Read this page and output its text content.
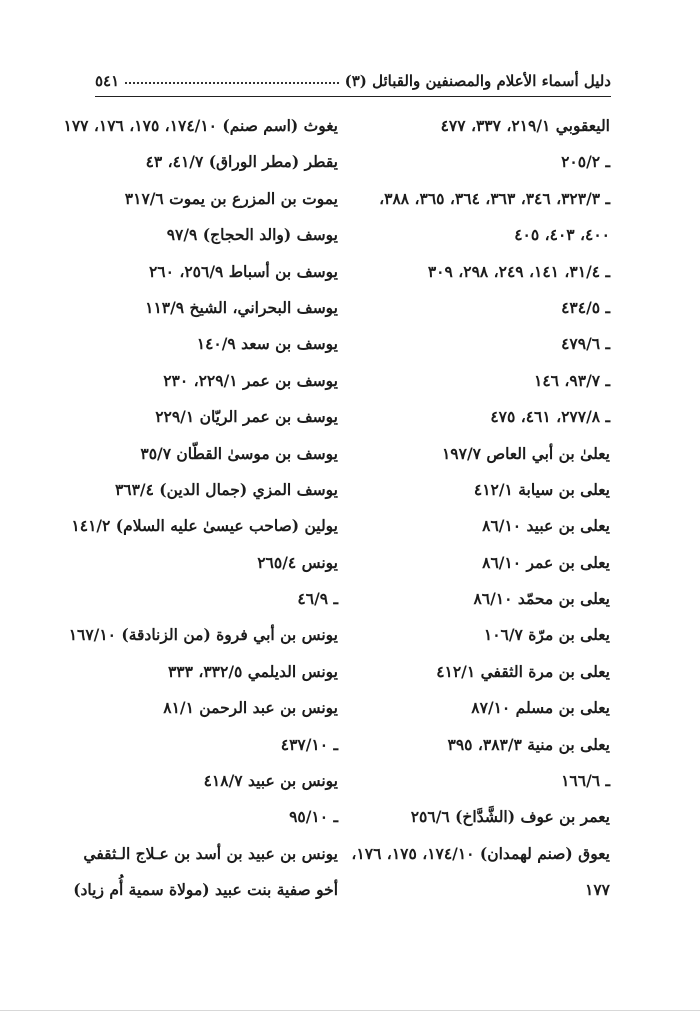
دليل أسماء الأعلام والمصنفين والقبائل (٣)
٥٤١
اليعقوبي ٢١٩/١، ٣٣٧، ٤٧٧
ـ ٢٠٥/٢
ـ ٣٢٣/٣، ٣٤٦، ٣٦٣، ٣٦٤، ٣٦٥، ٣٨٨،
٤٠٠، ٤٠٣، ٤٠٥
ـ ٣١/٤، ١٤١، ٢٤٩، ٢٩٨، ٣٠٩
ـ ٤٣٤/٥
ـ ٤٧٩/٦
ـ ٩٣/٧، ١٤٦
ـ ٢٧٧/٨، ٤٦١، ٤٧٥
يعلىٰ بن أبي العاص ١٩٧/٧
يعلى بن سيابة ٤١٢/١
يعلى بن عبيد ٨٦/١٠
يعلى بن عمر ٨٦/١٠
يعلى بن محمّد ٨٦/١٠
يعلى بن مرّة ١٠٦/٧
يعلى بن مرة الثقفي ٤١٢/١
يعلى بن مسلم ٨٧/١٠
يعلى بن منية ٣٨٣/٣، ٣٩٥
ـ ١٦٦/٦
يعمر بن عوف (الشَّدَّاخ) ٢٥٦/٦
يعوق (صنم لهمدان) ١٧٤/١٠، ١٧٥، ١٧٦،
١٧٧
يغوث (اسم صنم) ١٧٤/١٠، ١٧٥، ١٧٦، ١٧٧
يقطر (مطر الوراق) ٤١/٧، ٤٣
يموت بن المزرع بن يموت ٣١٧/٦
يوسف (والد الحجاج) ٩٧/٩
يوسف بن أسباط ٢٥٦/٩، ٢٦٠
يوسف البحراني، الشيخ ١١٣/٩
يوسف بن سعد ١٤٠/٩
يوسف بن عمر ٢٢٩/١، ٢٣٠
يوسف بن عمر الريّان ٢٢٩/١
يوسف بن موسىٰ القطّان ٣٥/٧
يوسف المزي (جمال الدين) ٣٦٣/٤
يولين (صاحب عيسىٰ عليه السلام) ١٤١/٢
يونس ٢٦٥/٤
ـ ٤٦/٩
يونس بن أبي فروة (من الزنادقة) ١٦٧/١٠
يونس الديلمي ٣٣٢/٥، ٣٣٣
يونس بن عبد الرحمن ٨١/١
ـ ٤٣٧/١٠
يونس بن عبيد ٤١٨/٧
ـ ٩٥/١٠
يونس بن عبيد بن أسد بن عـلاج الـثقفي
أخو صفية بنت عبيد (مولاة سمية أُم زياد)
